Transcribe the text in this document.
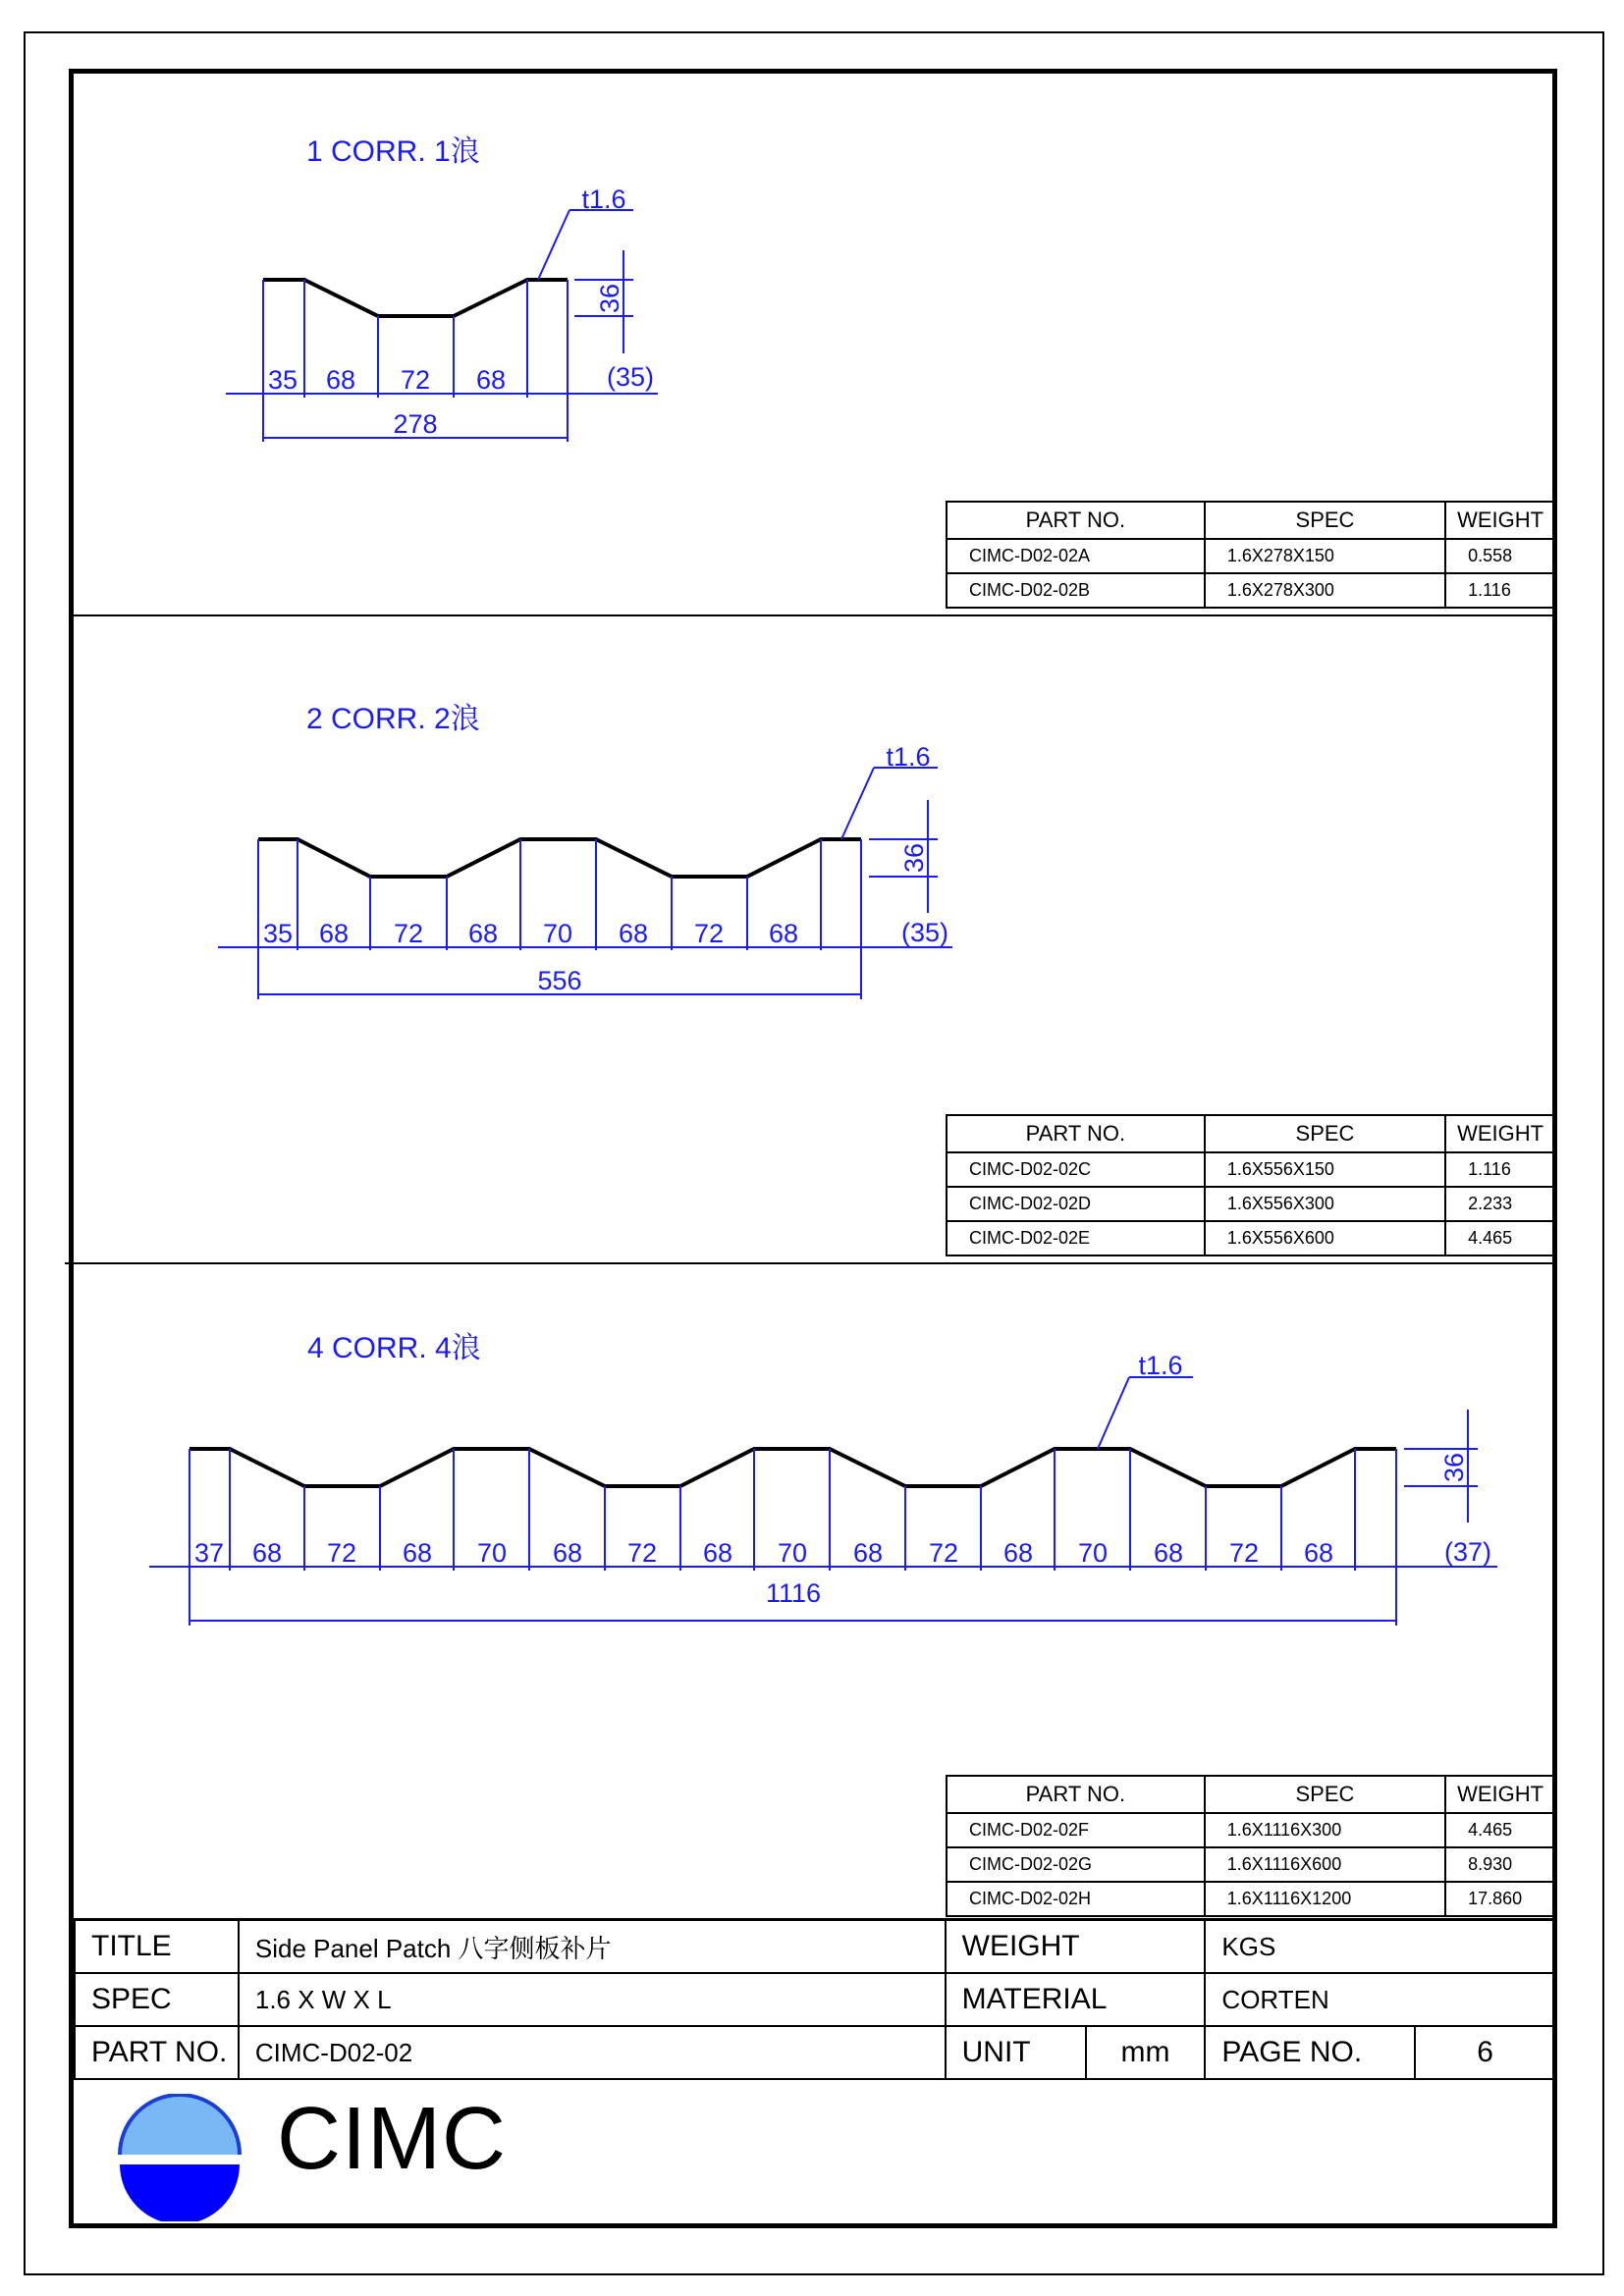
1 CORR. 1浪
35 68 72 68	(35)
278
t1.6
36
2 CORR. 2浪
35 68 72 68 70 68 72 68	(35)
556
t1.6
36
4 CORR. 4浪
37 68 72 68 70 68 72 68 70 68 72 68 70 68 72 68	(37)
1116
t1.6
36
PART NO.	SPEC	WEIGHT
CIMC-D02-02A	1.6X278X150	0.558
CIMC-D02-02B	1.6X278X300	1.116
PART NO.	SPEC	WEIGHT
CIMC-D02-02C	1.6X556X150	1.116
CIMC-D02-02D	1.6X556X300	2.233
CIMC-D02-02E	1.6X556X600	4.465
PART NO.	SPEC	WEIGHT
CIMC-D02-02F	1.6X1116X300	4.465
CIMC-D02-02G	1.6X1116X600	8.930
CIMC-D02-02H	1.6X1116X1200	17.860
TITLE	Side Panel Patch 八字侧板补片	WEIGHT		KGS	
SPEC	1.6 X W X L	MATERIAL		CORTEN	
PART NO.	CIMC-D02-02	UNIT	mm	PAGE NO.	6
CIMC
